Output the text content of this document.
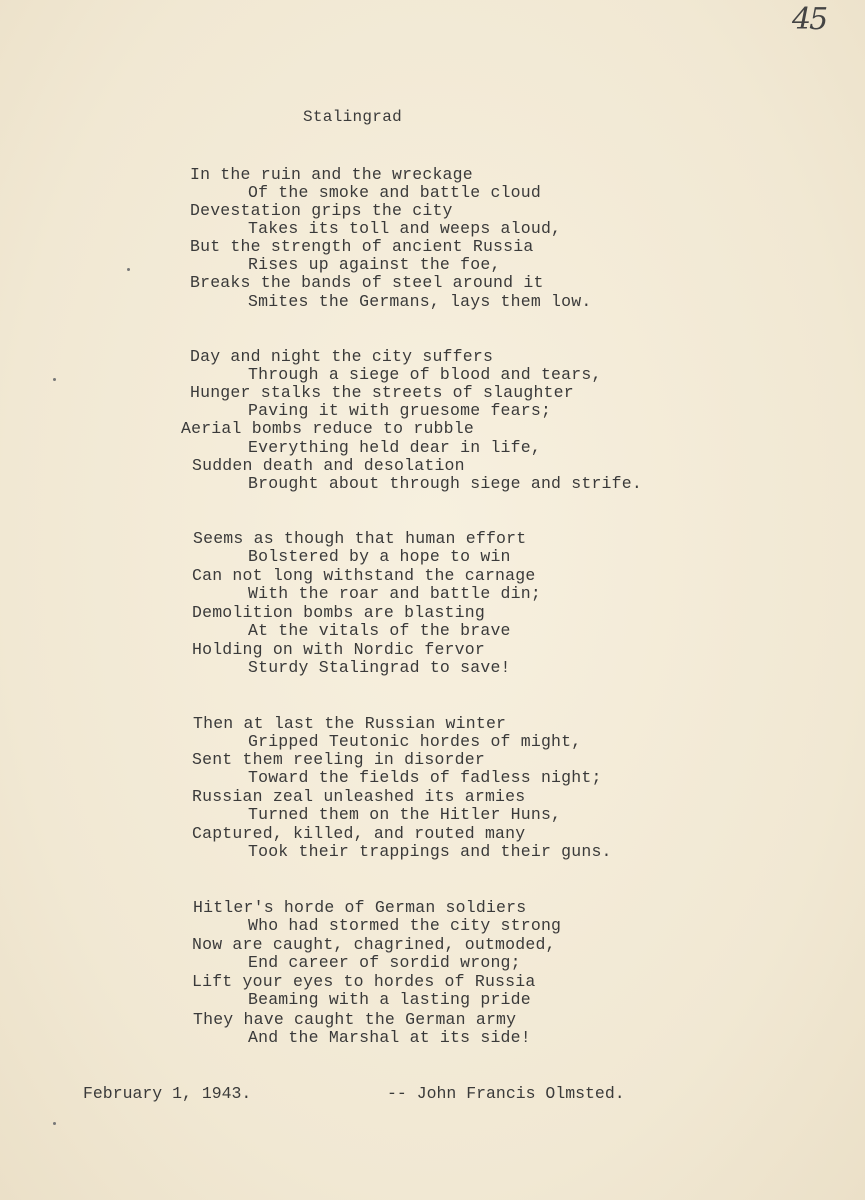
45
Stalingrad
In the ruin and the wreckage
Of the smoke and battle cloud
Devestation grips the city
Takes its toll and weeps aloud,
But the strength of ancient Russia
Rises up against the foe,
Breaks the bands of steel around it
Smites the Germans, lays them low.
Day and night the city suffers
Through a siege of blood and tears,
Hunger stalks the streets of slaughter
Paving it with gruesome fears;
Aerial bombs reduce to rubble
Everything held dear in life,
Sudden death and desolation
Brought about through siege and strife.
Seems as though that human effort
Bolstered by a hope to win
Can not long withstand the carnage
With the roar and battle din;
Demolition bombs are blasting
At the vitals of the brave
Holding on with Nordic fervor
Sturdy Stalingrad to save!
Then at last the Russian winter
Gripped Teutonic hordes of might,
Sent them reeling in disorder
Toward the fields of fadless night;
Russian zeal unleashed its armies
Turned them on the Hitler Huns,
Captured, killed, and routed many
Took their trappings and their guns.
Hitler's horde of German soldiers
Who had stormed the city strong
Now are caught, chagrined, outmoded,
End career of sordid wrong;
Lift your eyes to hordes of Russia
Beaming with a lasting pride
They have caught the German army
And the Marshal at its side!
February 1, 1943.	-- John Francis Olmsted.
